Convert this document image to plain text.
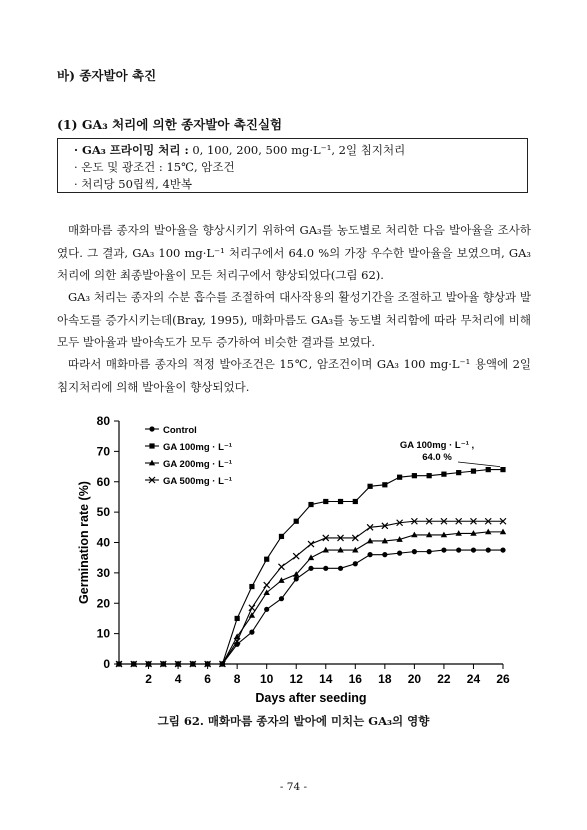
바) 종자발아 촉진
(1) GA₃ 처리에 의한 종자발아 촉진실험
· GA₃ 프라이밍 처리 : 0, 100, 200, 500 mg·L⁻¹, 2일 침지처리
· 온도 및 광조건 : 15℃, 암조건
· 처리당 50립씩, 4반복
매화마름 종자의 발아율을 향상시키기 위하여 GA₃를 농도별로 처리한 다음 발아율을 조사하였다. 그 결과, GA₃ 100 mg·L⁻¹ 처리구에서 64.0 %의 가장 우수한 발아율을 보였으며, GA₃ 처리에 의한 최종발아율이 모든 처리구에서 향상되었다(그림 62).
GA₃ 처리는 종자의 수분 흡수를 조절하여 대사작용의 활성기간을 조절하고 발아율 향상과 발아속도를 증가시키는데(Bray, 1995), 매화마름도 GA₃를 농도별 처리함에 따라 무처리에 비해 모두 발아율과 발아속도가 모두 증가하여 비슷한 결과를 보였다.
따라서 매화마름 종자의 적정 발아조건은 15℃, 암조건이며 GA₃ 100 mg·L⁻¹ 용액에 2일 침지처리에 의해 발아율이 향상되었다.
0
10
20
30
40
50
60
70
80
2 4 6 8 10 12 14 16 18 20 22 24 26
Days after seeding
Germination rate (%)
Control
GA 100mg · L⁻¹
GA 200mg · L⁻¹
GA 500mg · L⁻¹
GA 100mg · L⁻¹ ,
64.0 %
그림 62. 매화마름 종자의 발아에 미치는 GA₃의 영향
- 74 -
